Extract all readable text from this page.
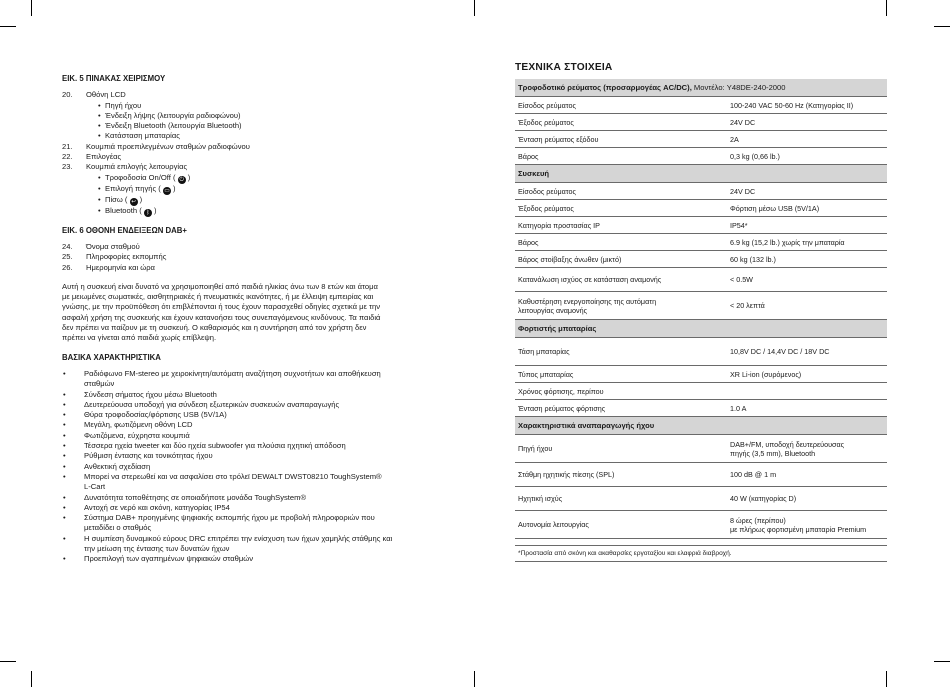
ΕΙΚ. 5 ΠΙΝΑΚΑΣ ΧΕΙΡΙΣΜΟΥ
20. Οθόνη LCD
• Πηγή ήχου
• Ένδειξη λήψης (λειτουργία ραδιοφώνου)
• Ένδειξη Bluetooth (λειτουργία Bluetooth)
• Κατάσταση μπαταρίας
21. Κουμπιά προεπιλεγμένων σταθμών ραδιοφώνου
22. Επιλογέας
23. Κουμπιά επιλογής λειτουργίας
• Τροφοδοσία On/Off ( ⏻ )
• Επιλογή πηγής ( ▭ )
• Πίσω ( ↩ )
• Bluetooth ( ᛒ )
ΕΙΚ. 6 ΟΘΟΝΗ ΕΝΔΕΙΞΕΩΝ DAB+
24. Όνομα σταθμού
25. Πληροφορίες εκπομπής
26. Ημερομηνία και ώρα

Αυτή η συσκευή είναι δυνατό να χρησιμοποιηθεί από παιδιά ηλικίας άνω των 8 ετών και άτομα
με μειωμένες σωματικές, αισθητηριακές ή πνευματικές ικανότητες, ή με έλλειψη εμπειρίας και
γνώσης, με την προϋπόθεση ότι επιβλέπονται ή τους έχουν παρασχεθεί οδηγίες σχετικά με την
ασφαλή χρήση της συσκευής και έχουν κατανοήσει τους συνεπαγόμενους κινδύνους. Τα παιδιά
δεν πρέπει να παίζουν με τη συσκευή. Ο καθαρισμός και η συντήρηση από τον χρήστη δεν
πρέπει να γίνεται από παιδιά χωρίς επίβλεψη.

ΒΑΣΙΚΑ ΧΑΡΑΚΤΗΡΙΣΤΙΚΑ
• Ραδιόφωνο FM-stereo με χειροκίνητη/αυτόματη αναζήτηση συχνοτήτων και αποθήκευση
σταθμών
• Σύνδεση σήματος ήχου μέσω Bluetooth
• Δευτερεύουσα υποδοχή για σύνδεση εξωτερικών συσκευών αναπαραγωγής
• Θύρα τροφοδοσίας/φόρτισης USB (5V/1A)
• Μεγάλη, φωτιζόμενη οθόνη LCD
• Φωτιζόμενα, εύχρηστα κουμπιά
• Τέσσερα ηχεία tweeter και δύο ηχεία subwoofer για πλούσια ηχητική απόδοση
• Ρύθμιση έντασης και τονικότητας ήχου
• Ανθεκτική σχεδίαση
• Μπορεί να στερεωθεί και να ασφαλίσει στο τρόλεϊ DEWALT DWST08210 ToughSystem®
L-Cart
• Δυνατότητα τοποθέτησης σε οποιαδήποτε μονάδα ToughSystem®
• Αντοχή σε νερό και σκόνη, κατηγορίας IP54
• Σύστημα DAB+ προηγμένης ψηφιακής εκπομπής ήχου με προβολή πληροφοριών που
μεταδίδει ο σταθμός
• Η συμπίεση δυναμικού εύρους DRC επιτρέπει την ενίσχυση των ήχων χαμηλής στάθμης και
την μείωση της έντασης των δυνατών ήχων
• Προεπιλογή των αγαπημένων ψηφιακών σταθμών
ΤΕΧΝΙΚΑ ΣΤΟΙΧΕΙΑ
Τροφοδοτικό ρεύματος (προσαρμογέας AC/DC), Μοντέλο: Y48DE-240-2000	
Είσοδος ρεύματος	100-240 VAC 50-60 Hz (Κατηγορίας II)
Έξοδος ρεύματος	24V DC
Ένταση ρεύματος εξόδου	2A
Βάρος	0,3 kg (0,66 lb.)
Συσκευή	
Είσοδος ρεύματος	24V DC
Έξοδος ρεύματος	Φόρτιση μέσω USB (5V/1A)
Κατηγορία προστασίας IP	IP54*
Βάρος	6.9 kg (15,2 lb.) χωρίς την μπαταρία
Βάρος στοίβαξης άνωθεν (μικτό)	60 kg (132 lb.)
Κατανάλωση ισχύος σε κατάσταση αναμονής	< 0.5W
Καθυστέρηση ενεργοποίησης της αυτόματη
λειτουργίας αναμονής	< 20 λεπτά
Φορτιστής μπαταρίας	
Τάση μπαταρίας	10,8V DC / 14,4V DC / 18V DC
Τύπος μπαταρίας	XR Li-ion (συρόμενος)
Χρόνος φόρτισης, περίπου	
Ένταση ρεύματος φόρτισης	1.0 A
Χαρακτηριστικά αναπαραγωγής ήχου	
Πηγή ήχου	DAB+/FM, υποδοχή δευτερεύουσας
πηγής (3,5 mm), Bluetooth
Στάθμη ηχητικής πίεσης (SPL)	100 dB @ 1 m
Ηχητική ισχύς	40 W (κατηγορίας D)
Αυτονομία λειτουργίας	8 ώρες (περίπου)
με πλήρως φορτισμένη μπαταρία Premium
*Προστασία από σκόνη και ακαθαρσίες εργοταξίου και ελαφριά διαβροχή.
